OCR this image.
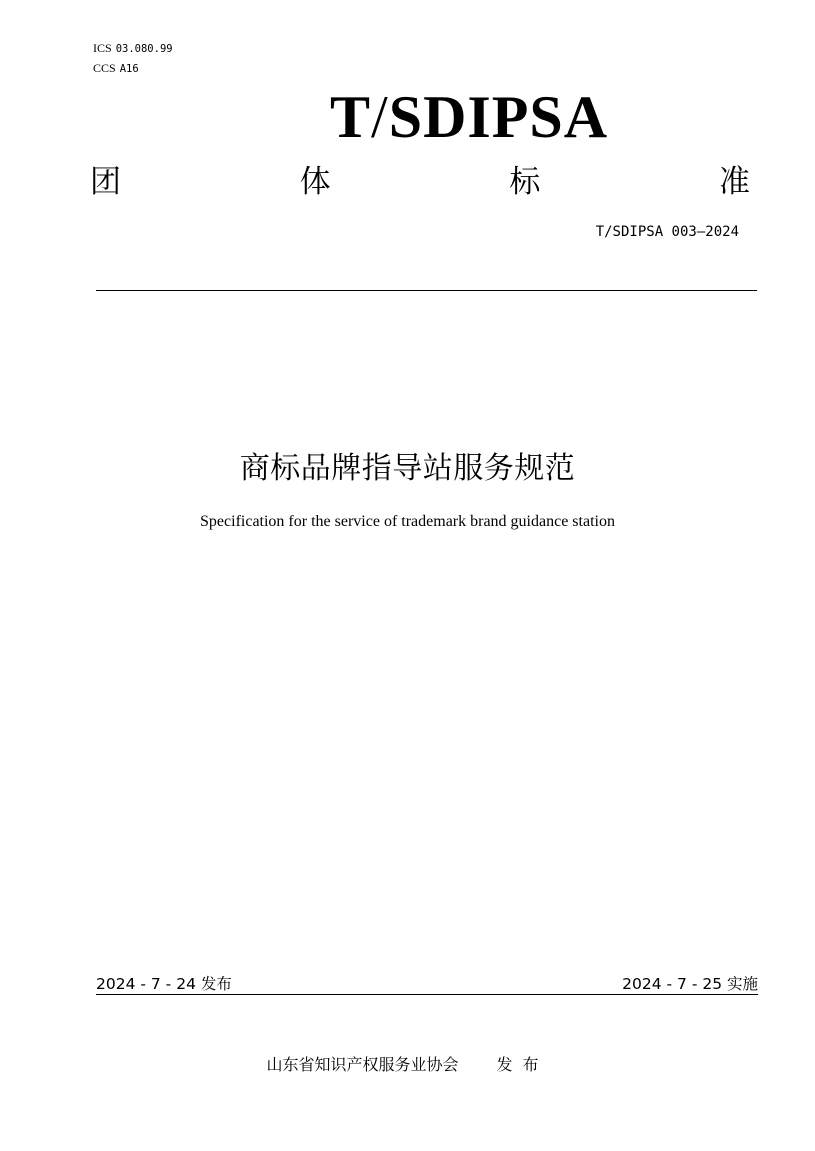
ICS 03.080.99
CCS A16
T/SDIPSA
团	体	标	准
T/SDIPSA 003—2024
商标品牌指导站服务规范
Specification for the service of trademark brand guidance station
2024 - 7 - 24 发布	2024 - 7 - 25 实施
山东省知识产权服务业协会 发布
